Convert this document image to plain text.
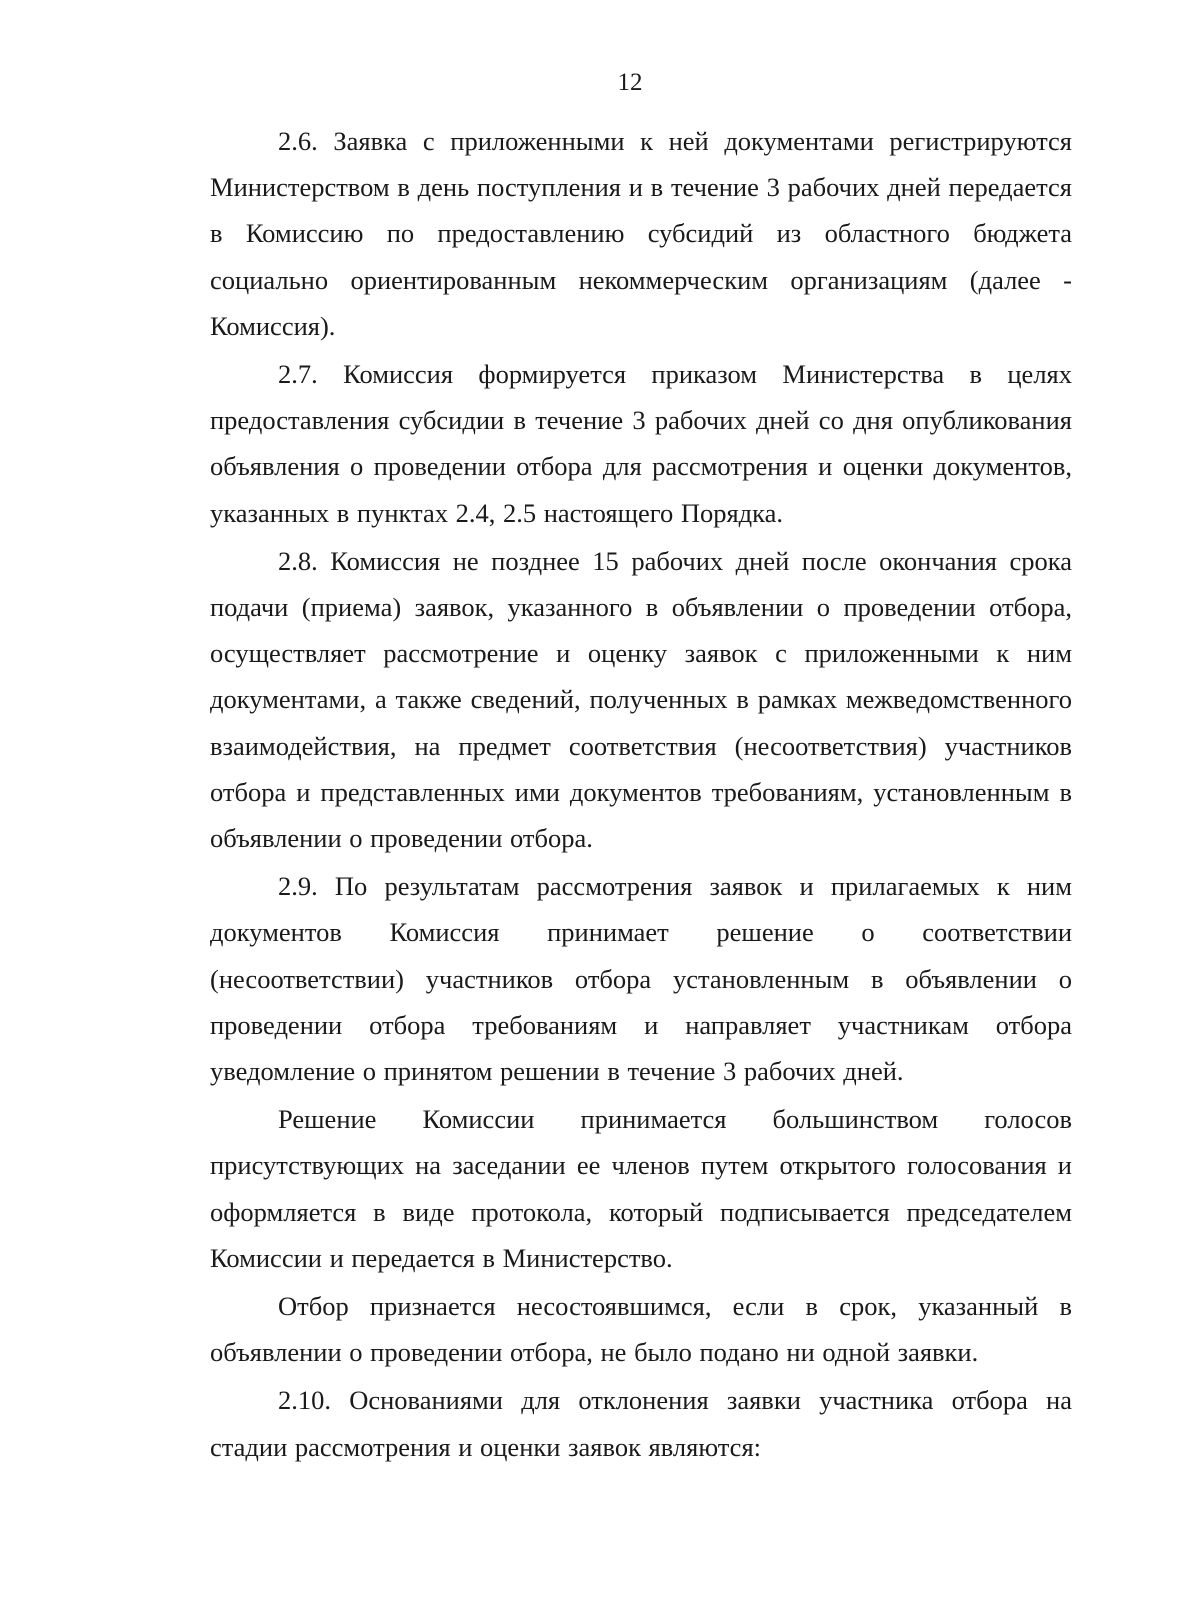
12

2.6. Заявка с приложенными к ней документами регистрируются Министерством в день поступления и в течение 3 рабочих дней передается в Комиссию по предоставлению субсидий из областного бюджета социально ориентированным некоммерческим организациям (далее - Комиссия).

2.7. Комиссия формируется приказом Министерства в целях предоставления субсидии в течение 3 рабочих дней со дня опубликования объявления о проведении отбора для рассмотрения и оценки документов, указанных в пунктах 2.4, 2.5 настоящего Порядка.

2.8. Комиссия не позднее 15 рабочих дней после окончания срока подачи (приема) заявок, указанного в объявлении о проведении отбора, осуществляет рассмотрение и оценку заявок с приложенными к ним документами, а также сведений, полученных в рамках межведомственного взаимодействия, на предмет соответствия (несоответствия) участников отбора и представленных ими документов требованиям, установленным в объявлении о проведении отбора.

2.9. По результатам рассмотрения заявок и прилагаемых к ним документов Комиссия принимает решение о соответствии (несоответствии) участников отбора установленным в объявлении о проведении отбора требованиям и направляет участникам отбора уведомление о принятом решении в течение 3 рабочих дней.

Решение Комиссии принимается большинством голосов присутствующих на заседании ее членов путем открытого голосования и оформляется в виде протокола, который подписывается председателем Комиссии и передается в Министерство.

Отбор признается несостоявшимся, если в срок, указанный в объявлении о проведении отбора, не было подано ни одной заявки.

2.10. Основаниями для отклонения заявки участника отбора на стадии рассмотрения и оценки заявок являются:
